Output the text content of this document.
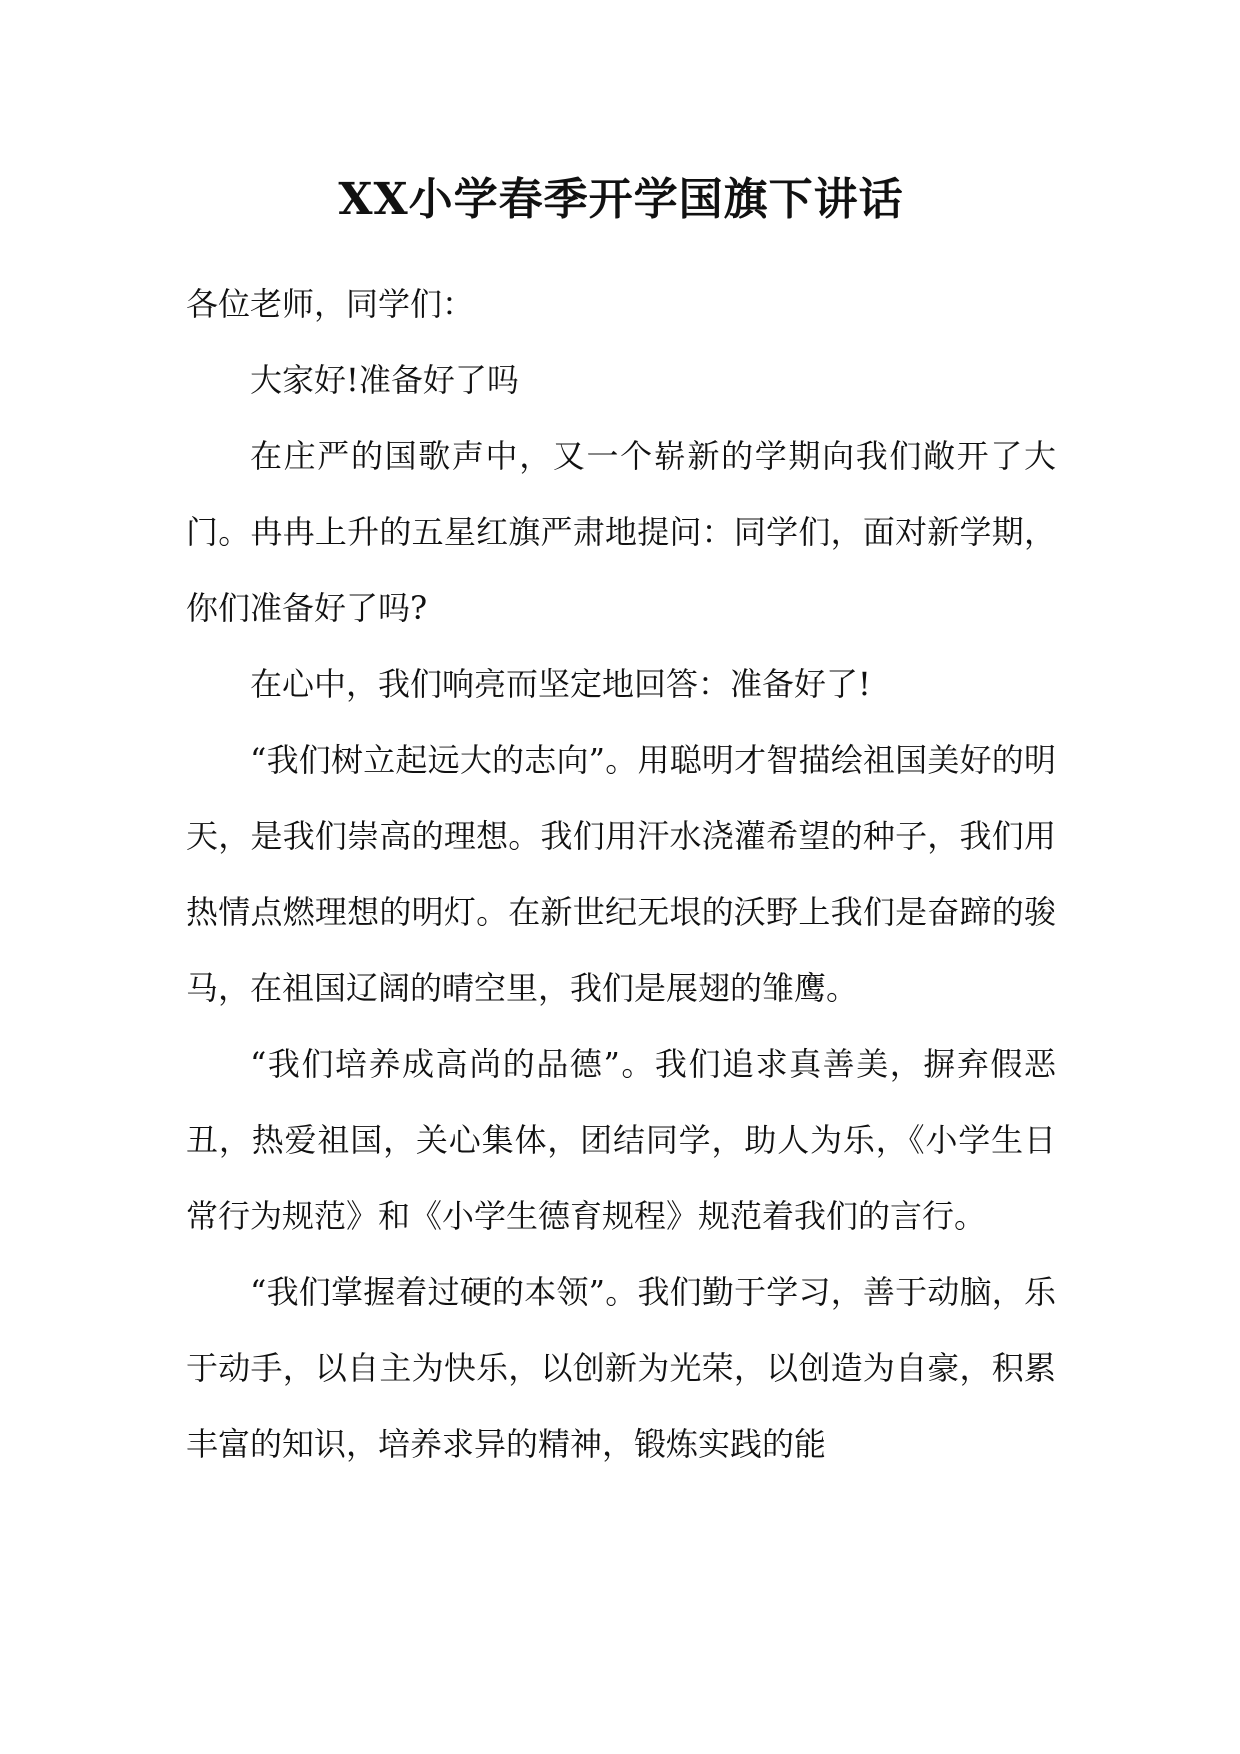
XX小学春季开学国旗下讲话

各位老师，同学们：

大家好!准备好了吗

在庄严的国歌声中，又一个崭新的学期向我们敞开了大门。冉冉上升的五星红旗严肃地提问：同学们，面对新学期，你们准备好了吗?

在心中，我们响亮而坚定地回答：准备好了!

“我们树立起远大的志向”。用聪明才智描绘祖国美好的明天，是我们崇高的理想。我们用汗水浇灌希望的种子，我们用热情点燃理想的明灯。在新世纪无垠的沃野上我们是奋蹄的骏马，在祖国辽阔的晴空里，我们是展翅的雏鹰。

“我们培养成高尚的品德”。我们追求真善美，摒弃假恶丑，热爱祖国，关心集体，团结同学，助人为乐，《小学生日常行为规范》和《小学生德育规程》规范着我们的言行。

“我们掌握着过硬的本领”。我们勤于学习，善于动脑，乐于动手，以自主为快乐，以创新为光荣，以创造为自豪，积累丰富的知识，培养求异的精神，锻炼实践的能
